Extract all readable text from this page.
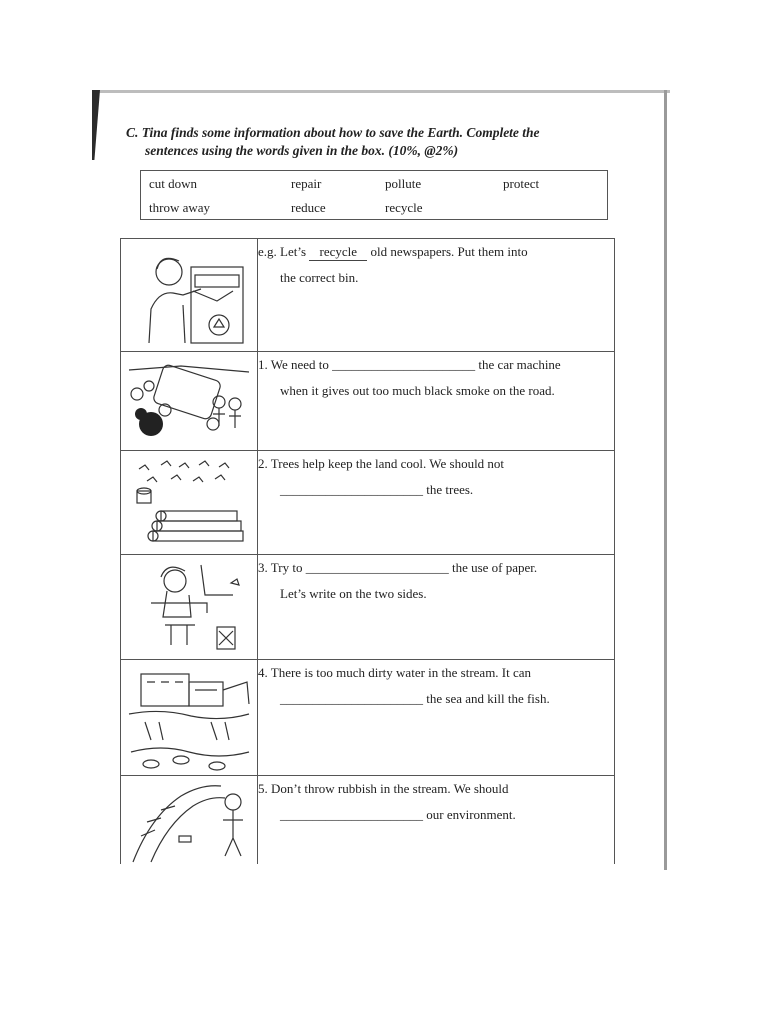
C. Tina finds some information about how to save the Earth. Complete the
sentences using the words given in the box. (10%, @2%)
cut down	repair	pollute	protect
throw away	reduce	recycle
	e.g. Let’s recycle old newspapers. Put them into

the correct bin.

	1. We need to ______________________ the car machine

when it gives out too much black smoke on the road.

	2. Trees help keep the land cool. We should not

______________________ the trees.

	3. Try to ______________________ the use of paper.

Let’s write on the two sides.

	4. There is too much dirty water in the stream. It can

______________________ the sea and kill the fish.

	5. Don’t throw rubbish in the stream. We should

______________________ our environment.
